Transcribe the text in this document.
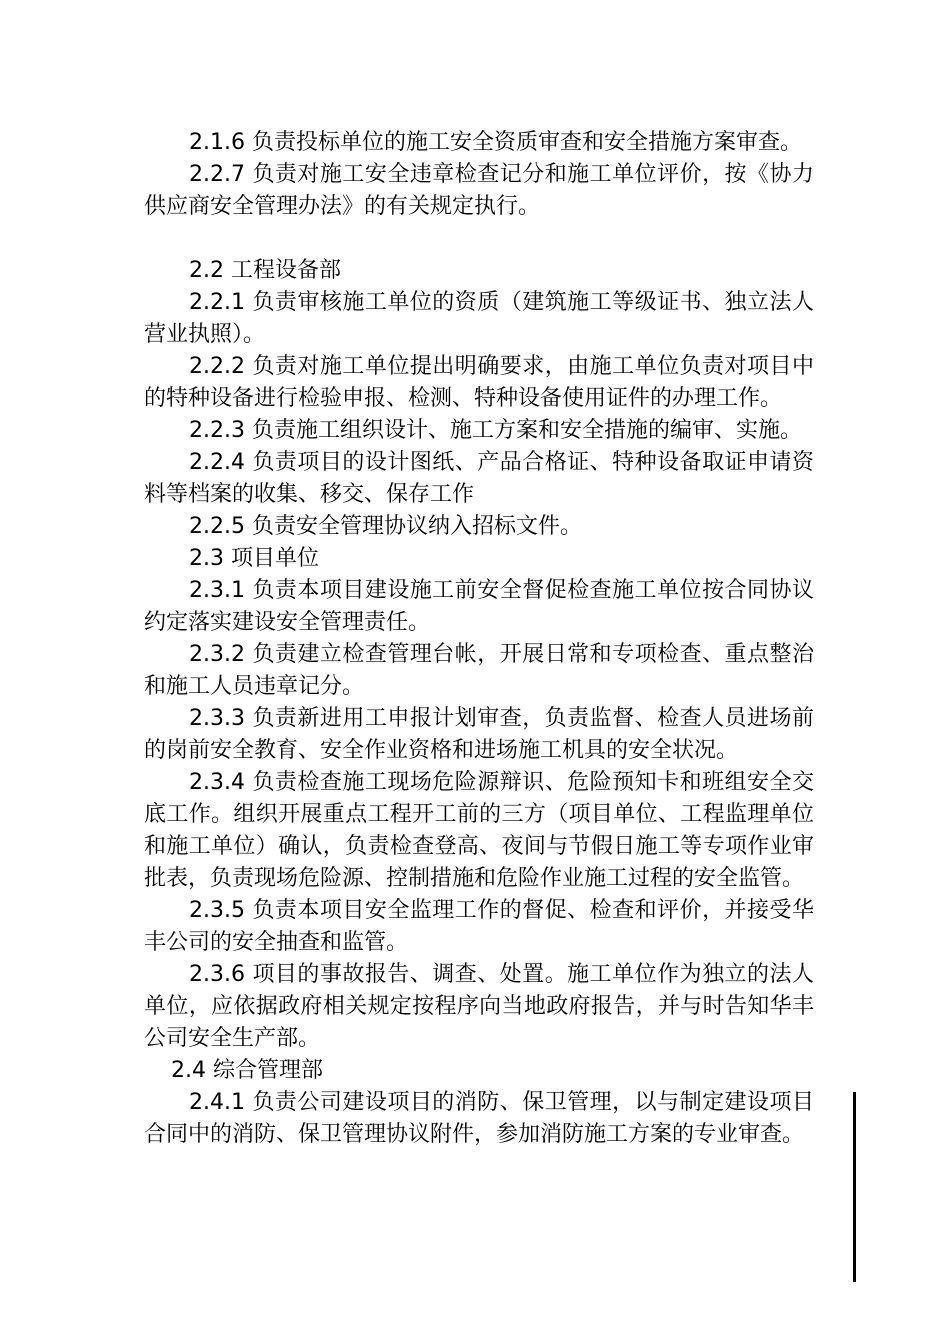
2.1.6 负责投标单位的施工安全资质审查和安全措施方案审查。

2.2.7 负责对施工安全违章检查记分和施工单位评价，按《协力供应商安全管理办法》的有关规定执行。

2.2 工程设备部

2.2.1 负责审核施工单位的资质（建筑施工等级证书、独立法人营业执照）。

2.2.2 负责对施工单位提出明确要求，由施工单位负责对项目中的特种设备进行检验申报、检测、特种设备使用证件的办理工作。

2.2.3 负责施工组织设计、施工方案和安全措施的编审、实施。

2.2.4 负责项目的设计图纸、产品合格证、特种设备取证申请资料等档案的收集、移交、保存工作

2.2.5 负责安全管理协议纳入招标文件。

2.3 项目单位

2.3.1 负责本项目建设施工前安全督促检查施工单位按合同协议约定落实建设安全管理责任。

2.3.2 负责建立检查管理台帐，开展日常和专项检查、重点整治和施工人员违章记分。

2.3.3 负责新进用工申报计划审查，负责监督、检查人员进场前的岗前安全教育、安全作业资格和进场施工机具的安全状况。

2.3.4 负责检查施工现场危险源辩识、危险预知卡和班组安全交底工作。组织开展重点工程开工前的三方（项目单位、工程监理单位和施工单位）确认，负责检查登高、夜间与节假日施工等专项作业审批表，负责现场危险源、控制措施和危险作业施工过程的安全监管。

2.3.5 负责本项目安全监理工作的督促、检查和评价，并接受华丰公司的安全抽查和监管。

2.3.6 项目的事故报告、调查、处置。施工单位作为独立的法人单位，应依据政府相关规定按程序向当地政府报告，并与时告知华丰公司安全生产部。

2.4 综合管理部

2.4.1 负责公司建设项目的消防、保卫管理，以与制定建设项目合同中的消防、保卫管理协议附件，参加消防施工方案的专业审查。
